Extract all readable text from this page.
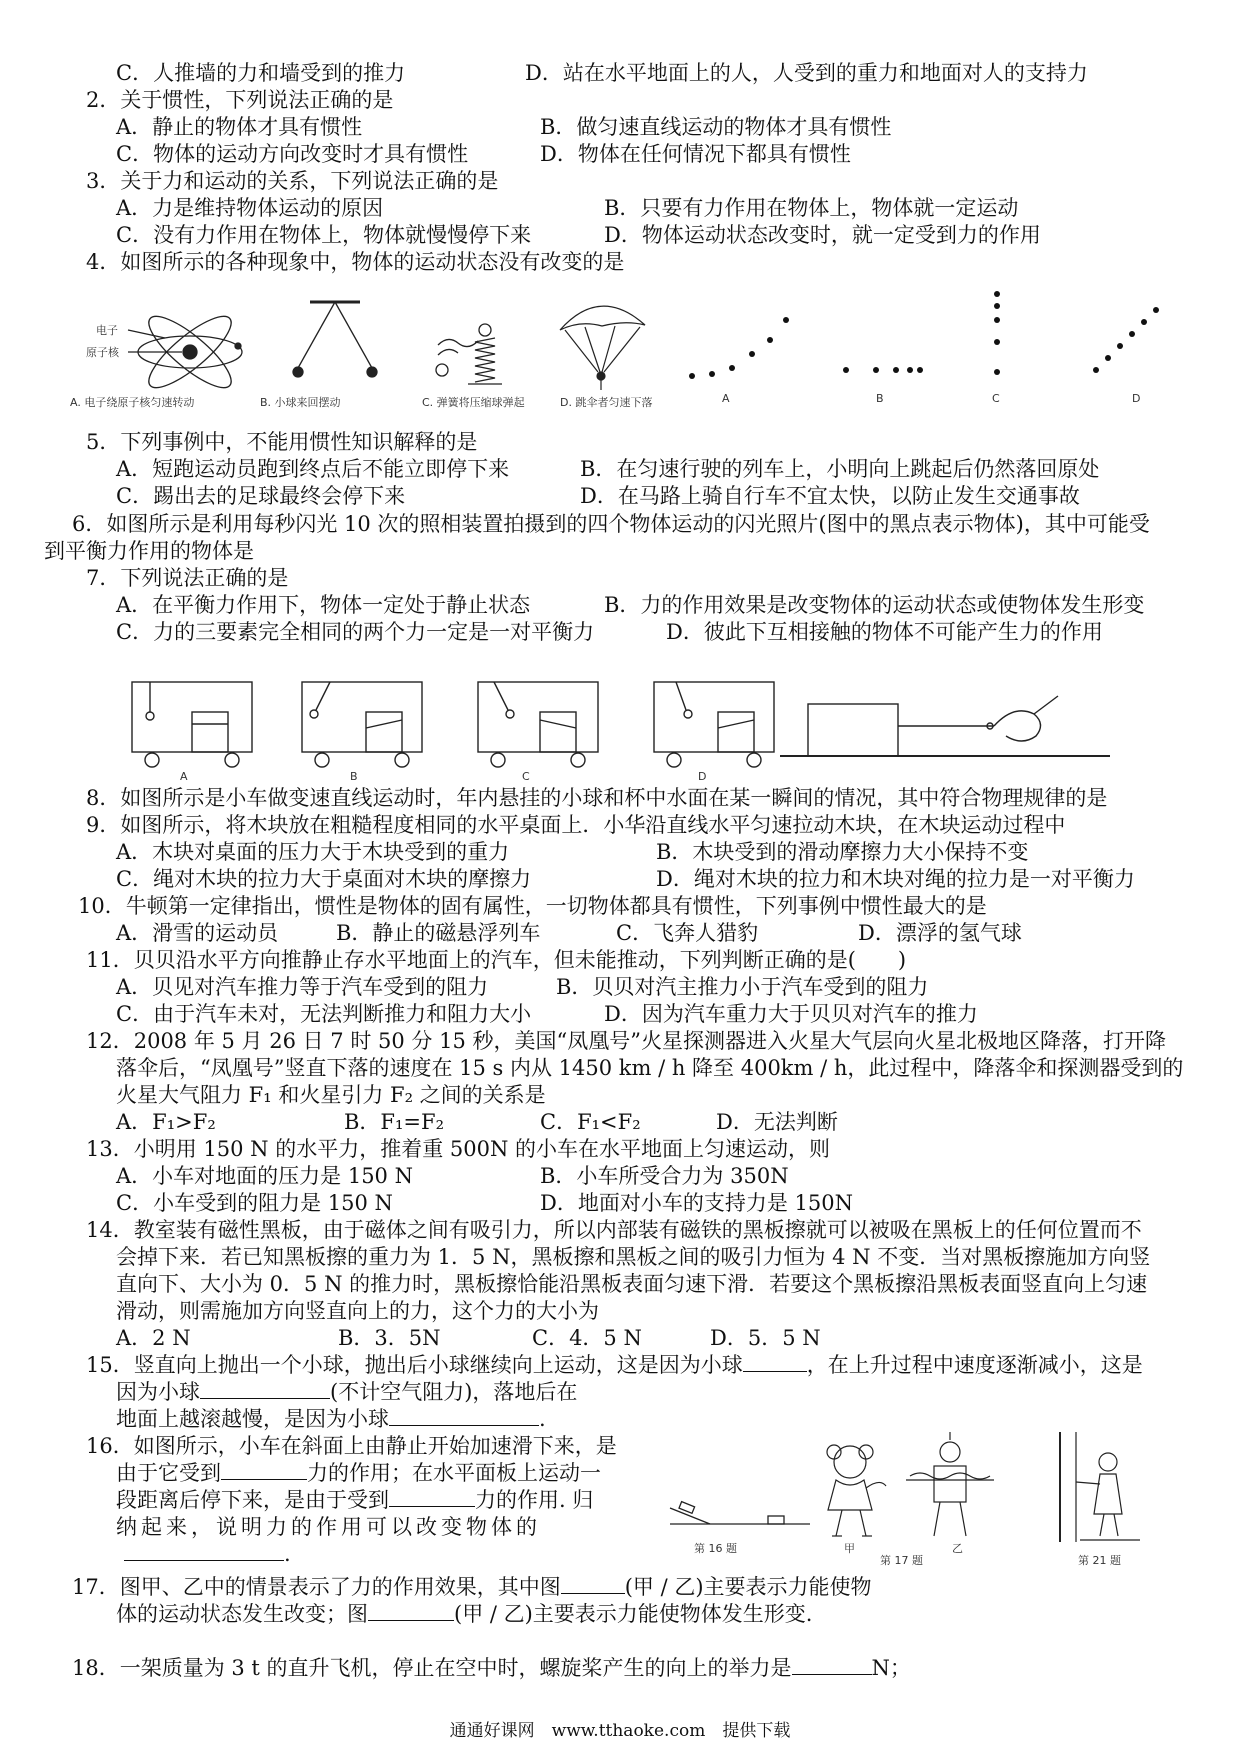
C．人推墙的力和墙受到的推力	D．站在水平地面上的人，人受到的重力和地面对人的支持力
2．关于惯性，下列说法正确的是
A．静止的物体才具有惯性	B．做匀速直线运动的物体才具有惯性
C．物体的运动方向改变时才具有惯性	D．物体在任何情况下都具有惯性
3．关于力和运动的关系，下列说法正确的是
A．力是维持物体运动的原因	B．只要有力作用在物体上，物体就一定运动
C．没有力作用在物体上，物体就慢慢停下来	D．物体运动状态改变时，就一定受到力的作用
4．如图所示的各种现象中，物体的运动状态没有改变的是
电子
原子核
A. 电子绕原子核匀速转动	B. 小球来回摆动	C. 弹簧将压缩球弹起	D. 跳伞者匀速下落	A	B	C	D
5．下列事例中，不能用惯性知识解释的是
A．短跑运动员跑到终点后不能立即停下来	B．在匀速行驶的列车上，小明向上跳起后仍然落回原处
C．踢出去的足球最终会停下来	D．在马路上骑自行车不宜太快，以防止发生交通事故
6．如图所示是利用每秒闪光 10 次的照相装置拍摄到的四个物体运动的闪光照片(图中的黑点表示物体)，其中可能受
到平衡力作用的物体是
7．下列说法正确的是
A．在平衡力作用下，物体一定处于静止状态	B．力的作用效果是改变物体的运动状态或使物体发生形变
C．力的三要素完全相同的两个力一定是一对平衡力	D．彼此下互相接触的物体不可能产生力的作用
A	B	C	D
8．如图所示是小车做变速直线运动时，年内悬挂的小球和杯中水面在某一瞬间的情况，其中符合物理规律的是
9．如图所示，将木块放在粗糙程度相同的水平桌面上．小华沿直线水平匀速拉动木块，在木块运动过程中
A．木块对桌面的压力大于木块受到的重力	B．木块受到的滑动摩擦力大小保持不变
C．绳对木块的拉力大于桌面对木块的摩擦力	D．绳对木块的拉力和木块对绳的拉力是一对平衡力
10．牛顿第一定律指出，惯性是物体的固有属性，一切物体都具有惯性，下列事例中惯性最大的是
A．滑雪的运动员	B．静止的磁悬浮列车	C．飞奔人猎豹	D．漂浮的氢气球
11．贝贝沿水平方向推静止存水平地面上的汽车，但未能推动，下列判断正确的是(　　)
A．贝见对汽车推力等于汽车受到的阻力	B．贝贝对汽主推力小于汽车受到的阻力
C．由于汽车未对，无法判断推力和阻力大小	D．因为汽车重力大于贝贝对汽车的推力
12．2008 年 5 月 26 日 7 时 50 分 15 秒，美国“凤凰号”火星探测器进入火星大气层向火星北极地区降落，打开降
落伞后，“凤凰号”竖直下落的速度在 15 s 内从 1450 km / h 降至 400km / h，此过程中，降落伞和探测器受到的
火星大气阻力 F₁ 和火星引力 F₂ 之间的关系是
A．F₁>F₂	B．F₁=F₂	C．F₁<F₂	D．无法判断
13．小明用 150 N 的水平力，推着重 500N 的小车在水平地面上匀速运动，则
A．小车对地面的压力是 150 N	B．小车所受合力为 350N
C．小车受到的阻力是 150 N	D．地面对小车的支持力是 150N
14．教室装有磁性黑板，由于磁体之间有吸引力，所以内部装有磁铁的黑板擦就可以被吸在黑板上的任何位置而不
会掉下来．若已知黑板擦的重力为 1．5 N，黑板擦和黑板之间的吸引力恒为 4 N 不变．当对黑板擦施加方向竖
直向下、大小为 0．5 N 的推力时，黑板擦恰能沿黑板表面匀速下滑．若要这个黑板擦沿黑板表面竖直向上匀速
滑动，则需施加方向竖直向上的力，这个力的大小为
A．2 N	B．3．5N	C．4．5 N	D．5．5 N
15．竖直向上抛出一个小球，抛出后小球继续向上运动，这是因为小球	，在上升过程中速度逐渐减小，这是
因为小球	(不计空气阻力)，落地后在
地面上越滚越慢，是因为小球	.
16．如图所示，小车在斜面上由静止开始加速滑下来，是
由于它受到	力的作用；在水平面板上运动一
段距离后停下来，是由于受到	力的作用. 归
纳起来，说明力的作用可以改变物体的
.	第 16 题	甲	乙
第 17 题	第 21 题
17．图甲、乙中的情景表示了力的作用效果，其中图	(甲 / 乙)主要表示力能使物
体的运动状态发生改变；图	(甲 / 乙)主要表示力能使物体发生形变.
18．一架质量为 3 t 的直升飞机，停止在空中时，螺旋桨产生的向上的举力是	N；
通通好课网　www.tthaoke.com　提供下载
